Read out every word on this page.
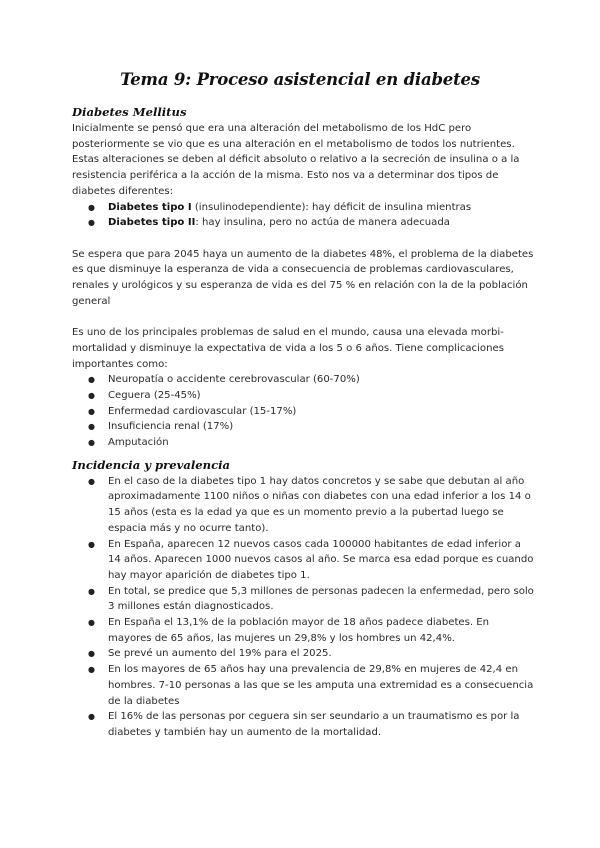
Tema 9: Proceso asistencial en diabetes
Diabetes Mellitus

Inicialmente se pensó que era una alteración del metabolismo de los HdC pero posteriormente se vio que es una alteración en el metabolismo de todos los nutrientes. Estas alteraciones se deben al déficit absoluto o relativo a la secreción de insulina o a la resistencia periférica a la acción de la misma. Esto nos va a determinar dos tipos de diabetes diferentes:

● Diabetes tipo I (insulinodependiente): hay déficit de insulina mientras
● Diabetes tipo II: hay insulina, pero no actúa de manera adecuada

Se espera que para 2045 haya un aumento de la diabetes 48%, el problema de la diabetes es que disminuye la esperanza de vida a consecuencia de problemas cardiovasculares, renales y urológicos y su esperanza de vida es del 75 % en relación con la de la población general

Es uno de los principales problemas de salud en el mundo, causa una elevada morbi-mortalidad y disminuye la expectativa de vida a los 5 o 6 años. Tiene complicaciones importantes como:

● Neuropatía o accidente cerebrovascular (60-70%)
● Ceguera (25-45%)
● Enfermedad cardiovascular (15-17%)
● Insuficiencia renal (17%)
● Amputación
Incidencia y prevalencia
● En el caso de la diabetes tipo 1 hay datos concretos y se sabe que debutan al año aproximadamente 1100 niños o niñas con diabetes con una edad inferior a los 14 o 15 años (esta es la edad ya que es un momento previo a la pubertad luego se espacia más y no ocurre tanto).
● En España, aparecen 12 nuevos casos cada 100000 habitantes de edad inferior a 14 años. Aparecen 1000 nuevos casos al año. Se marca esa edad porque es cuando hay mayor aparición de diabetes tipo 1.
● En total, se predice que 5,3 millones de personas padecen la enfermedad, pero solo 3 millones están diagnosticados.
● En España el 13,1% de la población mayor de 18 años padece diabetes. En mayores de 65 años, las mujeres un 29,8% y los hombres un 42,4%.
● Se prevé un aumento del 19% para el 2025.
● En los mayores de 65 años hay una prevalencia de 29,8% en mujeres de 42,4 en hombres. 7-10 personas a las que se les amputa una extremidad es a consecuencia de la diabetes
● El 16% de las personas por ceguera sin ser seundario a un traumatismo es por la diabetes y también hay un aumento de la mortalidad.
